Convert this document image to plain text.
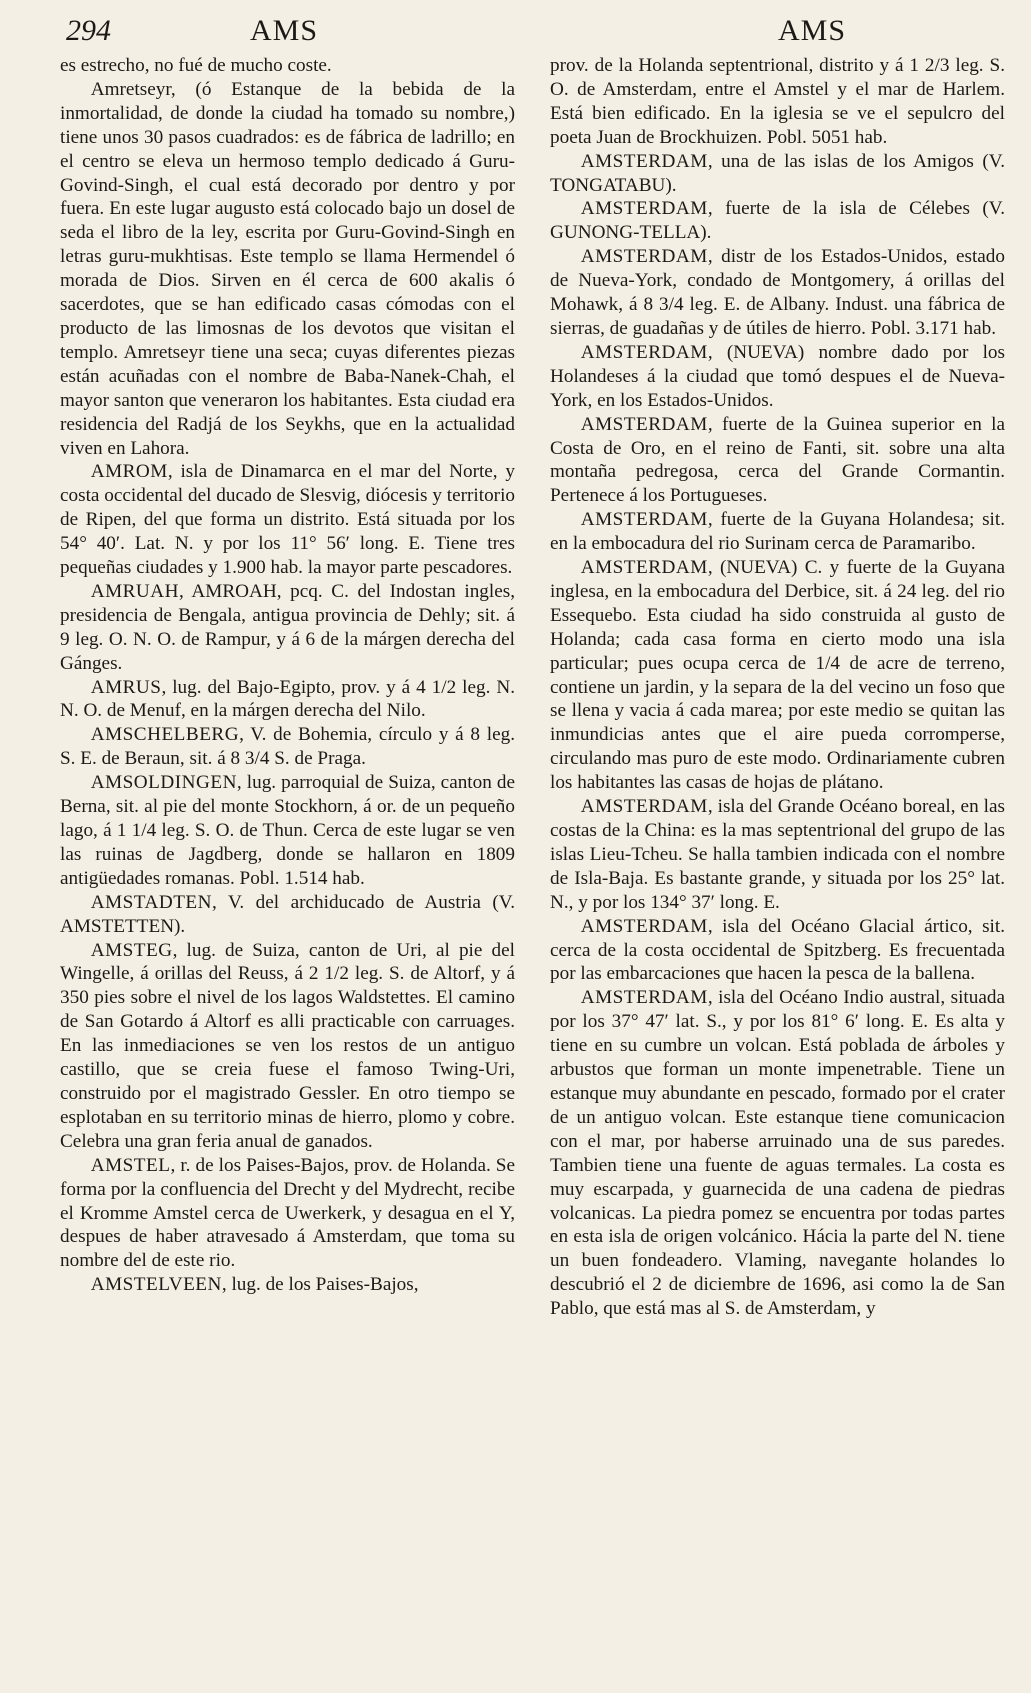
294	AMS	AMS

es estrecho, no fué de mucho coste.

Amretseyr, (ó Estanque de la bebida de la inmortalidad, de donde la ciudad ha tomado su nombre,) tiene unos 30 pasos cuadrados: es de fábrica de ladrillo; en el centro se eleva un hermoso templo dedicado á Guru-Govind-Singh, el cual está decorado por dentro y por fuera. En este lugar augusto está colocado bajo un dosel de seda el libro de la ley, escrita por Guru-Govind-Singh en letras guru-mukhtisas. Este templo se llama Hermendel ó morada de Dios. Sirven en él cerca de 600 akalis ó sacerdotes, que se han edificado casas cómodas con el producto de las limosnas de los devotos que visitan el templo. Amretseyr tiene una seca; cuyas diferentes piezas están acuñadas con el nombre de Baba-Nanek-Chah, el mayor santon que veneraron los habitantes. Esta ciudad era residencia del Radjá de los Seykhs, que en la actualidad viven en Lahora.

AMROM, isla de Dinamarca en el mar del Norte, y costa occidental del ducado de Slesvig, diócesis y territorio de Ripen, del que forma un distrito. Está situada por los 54° 40′. Lat. N. y por los 11° 56′ long. E. Tiene tres pequeñas ciudades y 1.900 hab. la mayor parte pescadores.

AMRUAH, AMROAH, pcq. C. del Indostan ingles, presidencia de Bengala, antigua provincia de Dehly; sit. á 9 leg. O. N. O. de Rampur, y á 6 de la márgen derecha del Gánges.

AMRUS, lug. del Bajo-Egipto, prov. y á 4 1/2 leg. N. N. O. de Menuf, en la márgen derecha del Nilo.

AMSCHELBERG, V. de Bohemia, círculo y á 8 leg. S. E. de Beraun, sit. á 8 3/4 S. de Praga.

AMSOLDINGEN, lug. parroquial de Suiza, canton de Berna, sit. al pie del monte Stockhorn, á or. de un pequeño lago, á 1 1/4 leg. S. O. de Thun. Cerca de este lugar se ven las ruinas de Jagdberg, donde se hallaron en 1809 antigüedades romanas. Pobl. 1.514 hab.

AMSTADTEN, V. del archiducado de Austria (V. AMSTETTEN).

AMSTEG, lug. de Suiza, canton de Uri, al pie del Wingelle, á orillas del Reuss, á 2 1/2 leg. S. de Altorf, y á 350 pies sobre el nivel de los lagos Waldstettes. El camino de San Gotardo á Altorf es alli practicable con carruages. En las inmediaciones se ven los restos de un antiguo castillo, que se creia fuese el famoso Twing-Uri, construido por el magistrado Gessler. En otro tiempo se esplotaban en su territorio minas de hierro, plomo y cobre. Celebra una gran feria anual de ganados.

AMSTEL, r. de los Paises-Bajos, prov. de Holanda. Se forma por la confluencia del Drecht y del Mydrecht, recibe el Kromme Amstel cerca de Uwerkerk, y desagua en el Y, despues de haber atravesado á Amsterdam, que toma su nombre del de este rio.

AMSTELVEEN, lug. de los Paises-Bajos,

prov. de la Holanda septentrional, distrito y á 1 2/3 leg. S. O. de Amsterdam, entre el Amstel y el mar de Harlem. Está bien edificado. En la iglesia se ve el sepulcro del poeta Juan de Brockhuizen. Pobl. 5051 hab.

AMSTERDAM, una de las islas de los Amigos (V. TONGATABU).

AMSTERDAM, fuerte de la isla de Célebes (V. GUNONG-TELLA).

AMSTERDAM, distr de los Estados-Unidos, estado de Nueva-York, condado de Montgomery, á orillas del Mohawk, á 8 3/4 leg. E. de Albany. Indust. una fábrica de sierras, de guadañas y de útiles de hierro. Pobl. 3.171 hab.

AMSTERDAM, (NUEVA) nombre dado por los Holandeses á la ciudad que tomó despues el de Nueva-York, en los Estados-Unidos.

AMSTERDAM, fuerte de la Guinea superior en la Costa de Oro, en el reino de Fanti, sit. sobre una alta montaña pedregosa, cerca del Grande Cormantin. Pertenece á los Portugueses.

AMSTERDAM, fuerte de la Guyana Holandesa; sit. en la embocadura del rio Surinam cerca de Paramaribo.

AMSTERDAM, (NUEVA) C. y fuerte de la Guyana inglesa, en la embocadura del Derbice, sit. á 24 leg. del rio Essequebo. Esta ciudad ha sido construida al gusto de Holanda; cada casa forma en cierto modo una isla particular; pues ocupa cerca de 1/4 de acre de terreno, contiene un jardin, y la separa de la del vecino un foso que se llena y vacia á cada marea; por este medio se quitan las inmundicias antes que el aire pueda corromperse, circulando mas puro de este modo. Ordinariamente cubren los habitantes las casas de hojas de plátano.

AMSTERDAM, isla del Grande Océano boreal, en las costas de la China: es la mas septentrional del grupo de las islas Lieu-Tcheu. Se halla tambien indicada con el nombre de Isla-Baja. Es bastante grande, y situada por los 25° lat. N., y por los 134° 37′ long. E.

AMSTERDAM, isla del Océano Glacial ártico, sit. cerca de la costa occidental de Spitzberg. Es frecuentada por las embarcaciones que hacen la pesca de la ballena.

AMSTERDAM, isla del Océano Indio austral, situada por los 37° 47′ lat. S., y por los 81° 6′ long. E. Es alta y tiene en su cumbre un volcan. Está poblada de árboles y arbustos que forman un monte impenetrable. Tiene un estanque muy abundante en pescado, formado por el crater de un antiguo volcan. Este estanque tiene comunicacion con el mar, por haberse arruinado una de sus paredes. Tambien tiene una fuente de aguas termales. La costa es muy escarpada, y guarnecida de una cadena de piedras volcanicas. La piedra pomez se encuentra por todas partes en esta isla de origen volcánico. Hácia la parte del N. tiene un buen fondeadero. Vlaming, navegante holandes lo descubrió el 2 de diciembre de 1696, asi como la de San Pablo, que está mas al S. de Amsterdam, y
